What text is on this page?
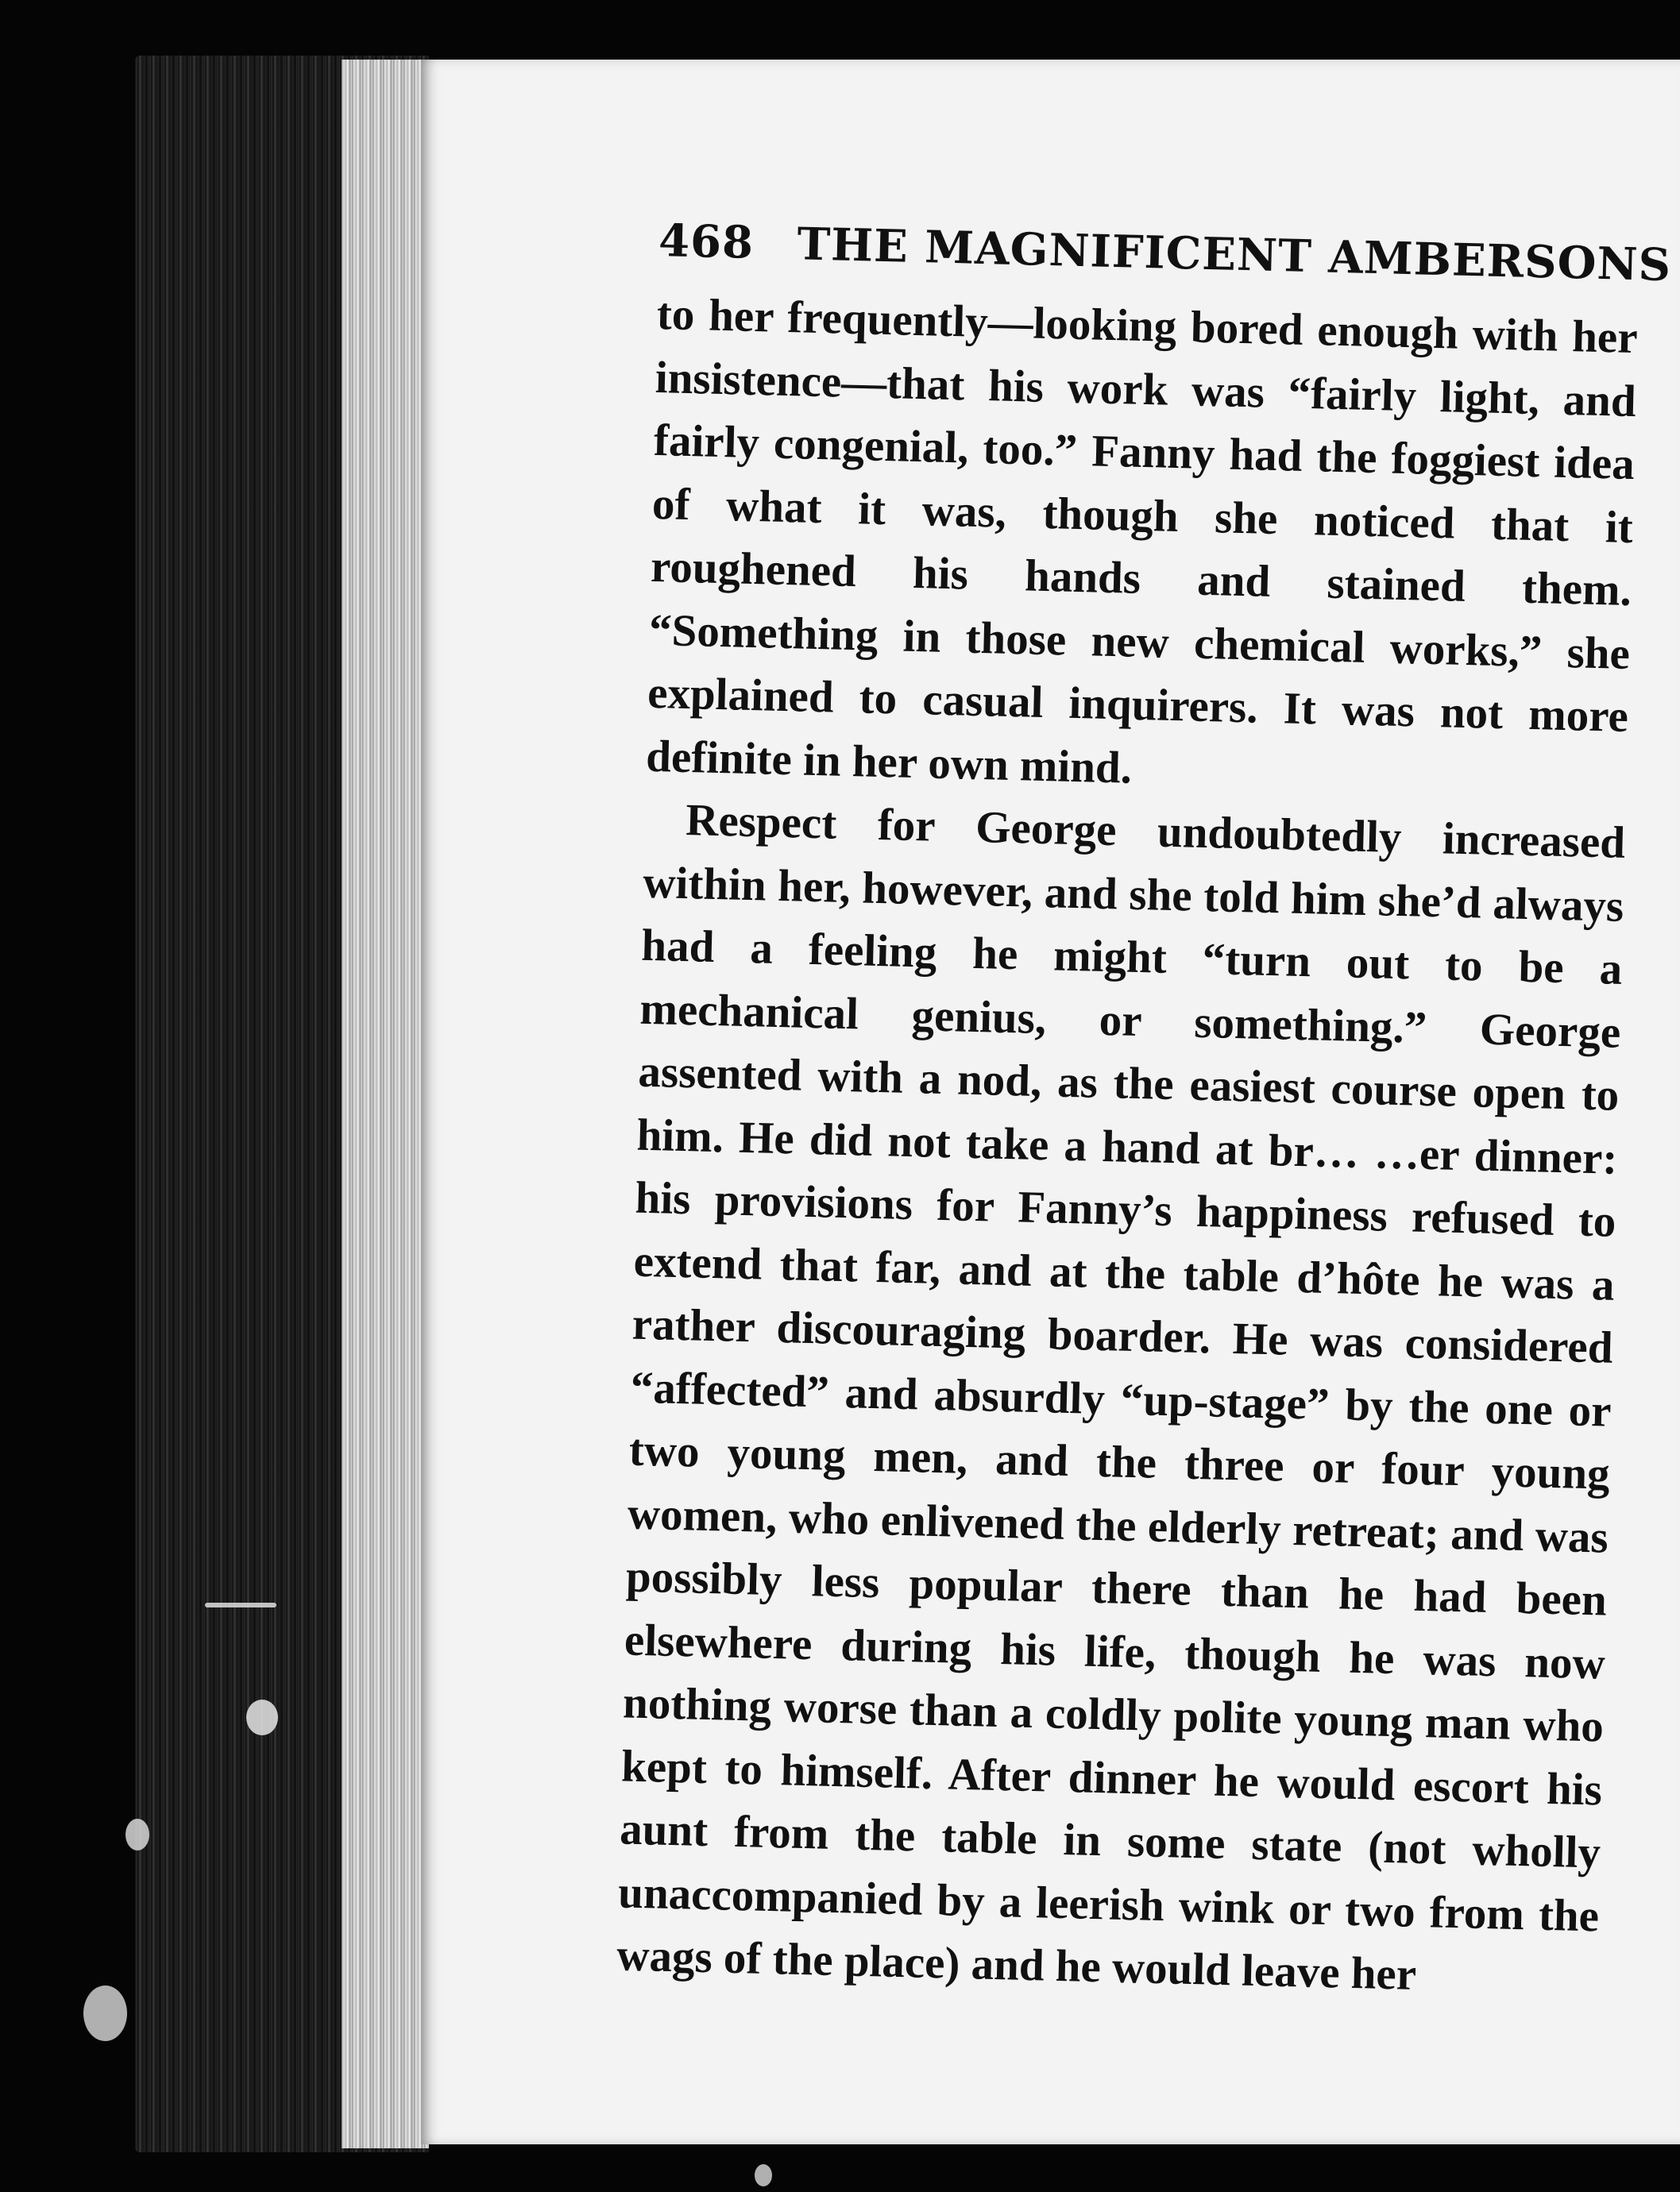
468 THE MAGNIFICENT AMBERSONS

to her frequently—looking bored enough with her insistence—that his work was “fairly light, and fairly congenial, too.” Fanny had the foggiest idea of what it was, though she noticed that it roughened his hands and stained them. “Something in those new chemical works,” she explained to casual inquirers. It was not more definite in her own mind.

Respect for George undoubtedly increased within her, however, and she told him she’d always had a feeling he might “turn out to be a mechanical genius, or something.” George assented with a nod, as the easiest course open to him. He did not take a hand at br… …er dinner: his provisions for Fanny’s happiness refused to extend that far, and at the table d’hôte he was a rather discouraging boarder. He was considered “affected” and absurdly “up-stage” by the one or two young men, and the three or four young women, who enlivened the elderly retreat; and was possibly less popular there than he had been elsewhere during his life, though he was now nothing worse than a coldly polite young man who kept to himself. After dinner he would escort his aunt from the table in some state (not wholly unaccompanied by a leerish wink or two from the wags of the place) and he would leave her
